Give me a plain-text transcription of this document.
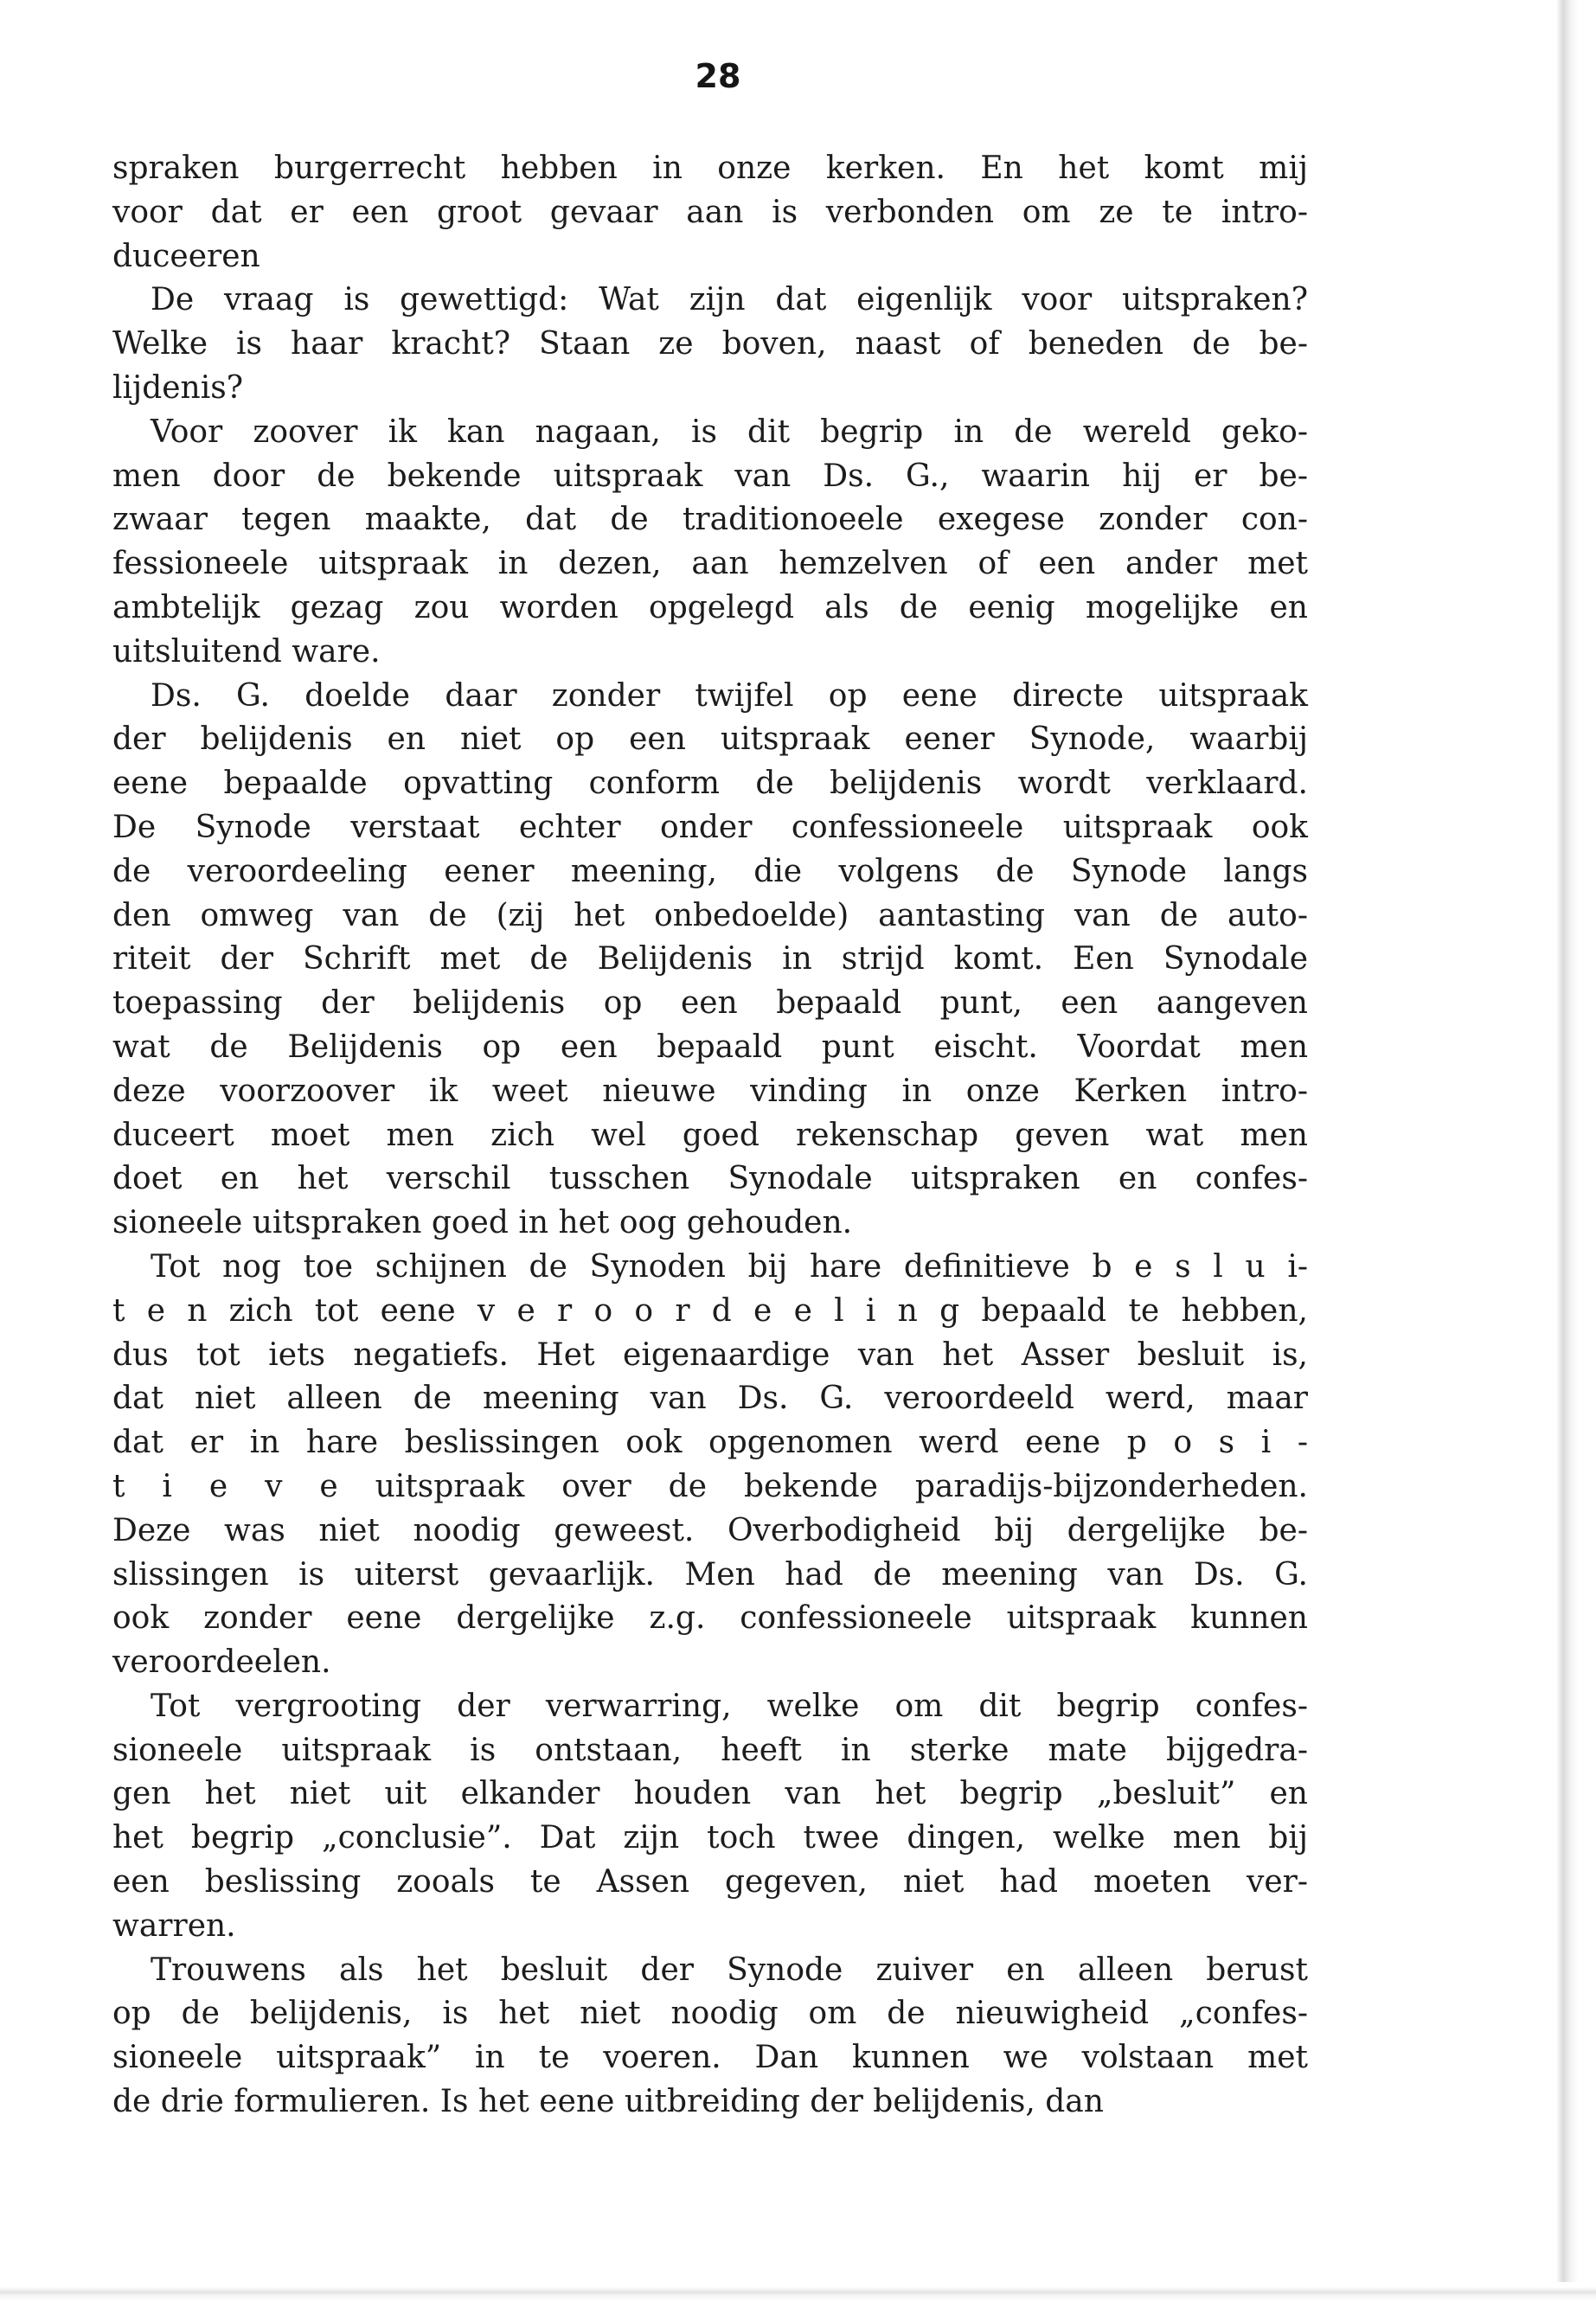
28

spraken burgerrecht hebben in onze kerken. En het komt mij
voor dat er een groot gevaar aan is verbonden om ze te intro-
duceeren
De vraag is gewettigd: Wat zijn dat eigenlijk voor uitspraken?
Welke is haar kracht? Staan ze boven, naast of beneden de be-
lijdenis?
Voor zoover ik kan nagaan, is dit begrip in de wereld geko-
men door de bekende uitspraak van Ds. G., waarin hij er be-
zwaar tegen maakte, dat de traditionoeele exegese zonder con-
fessioneele uitspraak in dezen, aan hemzelven of een ander met
ambtelijk gezag zou worden opgelegd als de eenig mogelijke en
uitsluitend ware.
Ds. G. doelde daar zonder twijfel op eene directe uitspraak
der belijdenis en niet op een uitspraak eener Synode, waarbij
eene bepaalde opvatting conform de belijdenis wordt verklaard.
De Synode verstaat echter onder confessioneele uitspraak ook
de veroordeeling eener meening, die volgens de Synode langs
den omweg van de (zij het onbedoelde) aantasting van de auto-
riteit der Schrift met de Belijdenis in strijd komt. Een Synodale
toepassing der belijdenis op een bepaald punt, een aangeven
wat de Belijdenis op een bepaald punt eischt. Voordat men
deze voorzoover ik weet nieuwe vinding in onze Kerken intro-
duceert moet men zich wel goed rekenschap geven wat men
doet en het verschil tusschen Synodale uitspraken en confes-
sioneele uitspraken goed in het oog gehouden.
Tot nog toe schijnen de Synoden bij hare definitieve b e s l u i-
t e n zich tot eene v e r o o r d e e l i n g bepaald te hebben,
dus tot iets negatiefs. Het eigenaardige van het Asser besluit is,
dat niet alleen de meening van Ds. G. veroordeeld werd, maar
dat er in hare beslissingen ook opgenomen werd eene p o s i -
t i e v e uitspraak over de bekende paradijs-bijzonderheden.
Deze was niet noodig geweest. Overbodigheid bij dergelijke be-
slissingen is uiterst gevaarlijk. Men had de meening van Ds. G.
ook zonder eene dergelijke z.g. confessioneele uitspraak kunnen
veroordeelen.
Tot vergrooting der verwarring, welke om dit begrip confes-
sioneele uitspraak is ontstaan, heeft in sterke mate bijgedra-
gen het niet uit elkander houden van het begrip „besluit” en
het begrip „conclusie”. Dat zijn toch twee dingen, welke men bij
een beslissing zooals te Assen gegeven, niet had moeten ver-
warren.
Trouwens als het besluit der Synode zuiver en alleen berust
op de belijdenis, is het niet noodig om de nieuwigheid „confes-
sioneele uitspraak” in te voeren. Dan kunnen we volstaan met
de drie formulieren. Is het eene uitbreiding der belijdenis, dan
